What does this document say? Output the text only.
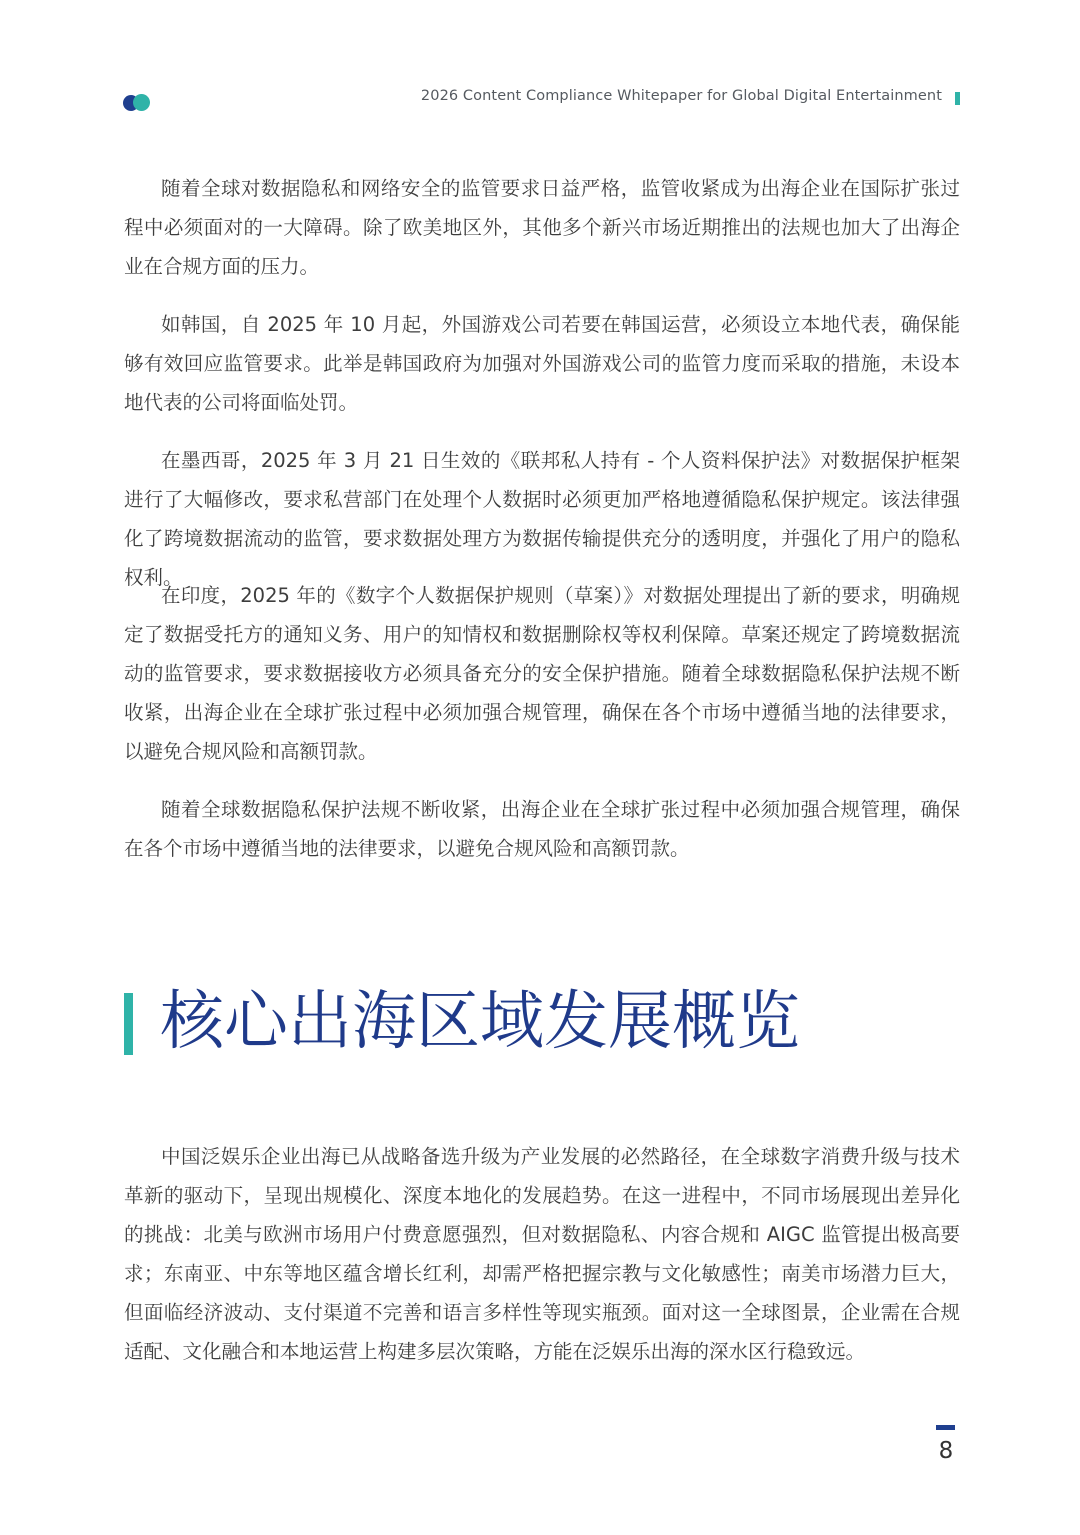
2026 Content Compliance Whitepaper for Global Digital Entertainment

随着全球对数据隐私和网络安全的监管要求日益严格，监管收紧成为出海企业在国际扩张过程中必须面对的一大障碍。除了欧美地区外，其他多个新兴市场近期推出的法规也加大了出海企业在合规方面的压力。

如韩国，自 2025 年 10 月起，外国游戏公司若要在韩国运营，必须设立本地代表，确保能够有效回应监管要求。此举是韩国政府为加强对外国游戏公司的监管力度而采取的措施，未设本地代表的公司将面临处罚。

在墨西哥，2025 年 3 月 21 日生效的《联邦私人持有 - 个人资料保护法》对数据保护框架进行了大幅修改，要求私营部门在处理个人数据时必须更加严格地遵循隐私保护规定。该法律强化了跨境数据流动的监管，要求数据处理方为数据传输提供充分的透明度，并强化了用户的隐私权利。

在印度，2025 年的《数字个人数据保护规则（草案）》对数据处理提出了新的要求，明确规定了数据受托方的通知义务、用户的知情权和数据删除权等权利保障。草案还规定了跨境数据流动的监管要求，要求数据接收方必须具备充分的安全保护措施。随着全球数据隐私保护法规不断收紧，出海企业在全球扩张过程中必须加强合规管理，确保在各个市场中遵循当地的法律要求，以避免合规风险和高额罚款。

随着全球数据隐私保护法规不断收紧，出海企业在全球扩张过程中必须加强合规管理，确保在各个市场中遵循当地的法律要求，以避免合规风险和高额罚款。

核心出海区域发展概览

中国泛娱乐企业出海已从战略备选升级为产业发展的必然路径，在全球数字消费升级与技术革新的驱动下，呈现出规模化、深度本地化的发展趋势。在这一进程中，不同市场展现出差异化的挑战：北美与欧洲市场用户付费意愿强烈，但对数据隐私、内容合规和 AIGC 监管提出极高要求；东南亚、中东等地区蕴含增长红利，却需严格把握宗教与文化敏感性；南美市场潜力巨大，但面临经济波动、支付渠道不完善和语言多样性等现实瓶颈。面对这一全球图景，企业需在合规适配、文化融合和本地运营上构建多层次策略，方能在泛娱乐出海的深水区行稳致远。

8
